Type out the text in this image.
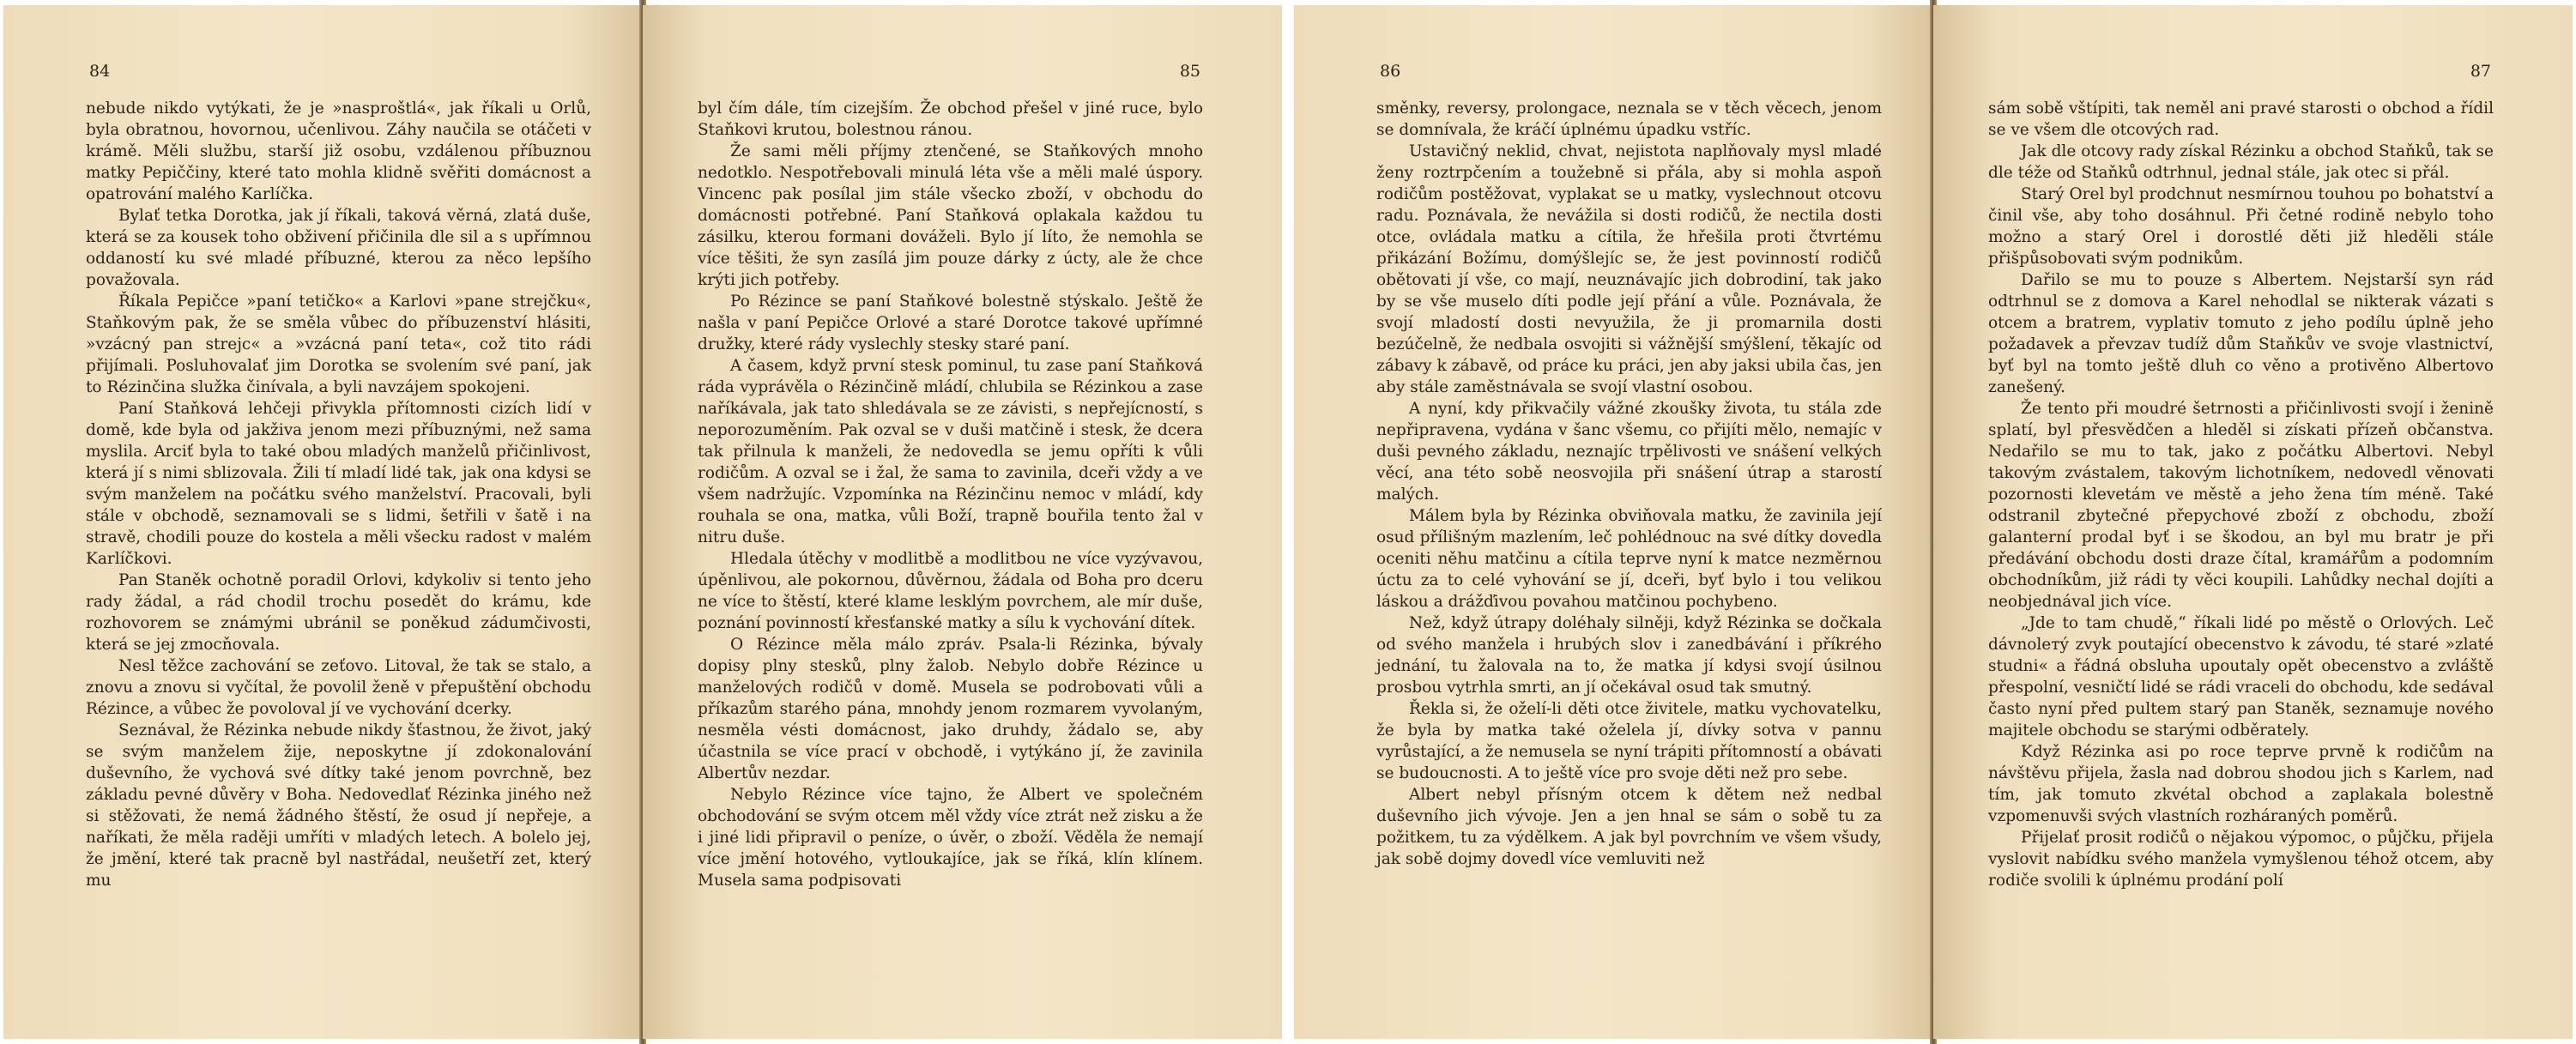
84

nebude nikdo vytýkati, že je »nasproštlá«, jak říkali u Orlů, byla obratnou, hovornou, učenlivou. Záhy naučila se otáčeti v krámě. Měli službu, starší již osobu, vzdálenou příbuznou matky Pepiččiny, které tato mohla klidně svěřiti domácnost a opatrování malého Karlíčka.

Bylať tetka Dorotka, jak jí říkali, taková věrná, zlatá duše, která se za kousek toho obživení přičinila dle sil a s upřímnou oddaností ku své mladé příbuzné, kterou za něco lepšího považovala.

Říkala Pepičce »paní tetičko« a Karlovi »pane strejčku«, Staňkovým pak, že se směla vůbec do příbuzenství hlásiti, »vzácný pan strejc« a »vzácná paní teta«, což tito rádi přijímali. Posluhovalať jim Dorotka se svolením své paní, jak to Rézinčina služka činívala, a byli navzájem spokojeni.

Paní Staňková lehčeji přivykla přítomnosti cizích lidí v domě, kde byla od jakživa jenom mezi příbuznými, než sama myslila. Arciť byla to také obou mladých manželů přičinlivost, která jí s nimi sblizovala. Žili tí mladí lidé tak, jak ona kdysi se svým manželem na počátku svého manželství. Pracovali, byli stále v obchodě, seznamovali se s lidmi, šetřili v šatě i na stravě, chodili pouze do kostela a měli všecku radost v malém Karlíčkovi.

Pan Staněk ochotně poradil Orlovi, kdykoliv si tento jeho rady žádal, a rád chodil trochu posedět do krámu, kde rozhovorem se známými ubránil se poněkud zádumčivosti, která se jej zmocňovala.

Nesl těžce zachování se zeťovo. Litoval, že tak se stalo, a znovu a znovu si vyčítal, že povolil ženě v přepuštění obchodu Rézince, a vůbec že povoloval jí ve vychování dcerky.

Seznával, že Rézinka nebude nikdy šťastnou, že život, jaký se svým manželem žije, neposkytne jí zdokonalování duševního, že vychová své dítky také jenom povrchně, bez základu pevné důvěry v Boha. Nedovedlať Rézinka jiného než si stěžovati, že nemá žádného štěstí, že osud jí nepřeje, a naříkati, že měla raději umříti v mladých letech. A bolelo jej, že jmění, které tak pracně byl nastřádal, neušetří zet, který mu

85

byl čím dále, tím cizejším. Že obchod přešel v jiné ruce, bylo Staňkovi krutou, bolestnou ránou.

Že sami měli příjmy ztenčené, se Staňkových mnoho nedotklo. Nespotřebovali minulá léta vše a měli malé úspory. Vincenc pak posílal jim stále všecko zboží, v obchodu do domácnosti potřebné. Paní Staňková oplakala každou tu zásilku, kterou formani dováželi. Bylo jí líto, že nemohla se více těšiti, že syn zasílá jim pouze dárky z úcty, ale že chce krýti jich potřeby.

Po Rézince se paní Staňkové bolestně stýskalo. Ještě že našla v paní Pepičce Orlové a staré Dorotce takové upřímné družky, které rády vyslechly stesky staré paní.

A časem, když první stesk pominul, tu zase paní Staňková ráda vyprávěla o Rézinčině mládí, chlubila se Rézinkou a zase naříkávala, jak tato shledávala se ze závisti, s nepřejícností, s neporozuměním. Pak ozval se v duši matčině i stesk, že dcera tak přilnula k manželi, že nedovedla se jemu opříti k vůli rodičům. A ozval se i žal, že sama to zavinila, dceři vždy a ve všem nadržujíc. Vzpomínka na Rézinčinu nemoc v mládí, kdy rouhala se ona, matka, vůli Boží, trapně bouřila tento žal v nitru duše.

Hledala útěchy v modlitbě a modlitbou ne více vyzývavou, úpěnlivou, ale pokornou, důvěrnou, žádala od Boha pro dceru ne více to štěstí, které klame lesklým povrchem, ale mír duše, poznání povinností křesťanské matky a sílu k vychování dítek.

O Rézince měla málo zpráv. Psala-li Rézinka, bývaly dopisy plny stesků, plny žalob. Nebylo dobře Rézince u manželových rodičů v domě. Musela se podrobovati vůli a příkazům starého pána, mnohdy jenom rozmarem vyvolaným, nesměla vésti domácnost, jako druhdy, žádalo se, aby účastnila se více prací v obchodě, i vytýkáno jí, že zavinila Albertův nezdar.

Nebylo Rézince více tajno, že Albert ve společném obchodování se svým otcem měl vždy více ztrát než zisku a že i jiné lidi připravil o peníze, o úvěr, o zboží. Věděla že nemají více jmění hotového, vytloukajíce, jak se říká, klín klínem. Musela sama podpisovati

86

směnky, reversy, prolongace, neznala se v těch věcech, jenom se domnívala, že kráčí úplnému úpadku vstříc.

Ustavičný neklid, chvat, nejistota naplňovaly mysl mladé ženy roztrpčením a toužebně si přála, aby si mohla aspoň rodičům postěžovat, vyplakat se u matky, vyslechnout otcovu radu. Poznávala, že nevážila si dosti rodičů, že nectila dosti otce, ovládala matku a cítila, že hřešila proti čtvrtému přikázání Božímu, domýšlejíc se, že jest povinností rodičů obětovati jí vše, co mají, neuznávajíc jich dobrodiní, tak jako by se vše muselo díti podle její přání a vůle. Poznávala, že svojí mladostí dosti nevyužila, že ji promarnila dosti bezúčelně, že nedbala osvojiti si vážnější smýšlení, těkajíc od zábavy k zábavě, od práce ku práci, jen aby jaksi ubila čas, jen aby stále zaměstnávala se svojí vlastní osobou.

A nyní, kdy přikvačily vážné zkoušky života, tu stála zde nepřipravena, vydána v šanc všemu, co přijíti mělo, nemajíc v duši pevného základu, neznajíc trpělivosti ve snášení velkých věcí, ana této sobě neosvojila při snášení útrap a starostí malých.

Málem byla by Rézinka obviňovala matku, že zavinila její osud přílišným mazlením, leč pohlédnouc na své dítky dovedla oceniti něhu matčinu a cítila teprve nyní k matce nezměrnou úctu za to celé vyhování se jí, dceři, byť bylo i tou velikou láskou a drážďivou povahou matčinou pochybeno.

Než, když útrapy doléhaly silněji, když Rézinka se dočkala od svého manžela i hrubých slov i zanedbávání i příkrého jednání, tu žalovala na to, že matka jí kdysi svojí úsilnou prosbou vytrhla smrti, an jí očekával osud tak smutný.

Řekla si, že oželí-li děti otce živitele, matku vychovatelku, že byla by matka také oželela jí, dívky sotva v pannu vyrůstající, a že nemusela se nyní trápiti přítomností a obávati se budoucnosti. A to ještě více pro svoje děti než pro sebe.

Albert nebyl přísným otcem k dětem než nedbal duševního jich vývoje. Jen a jen hnal se sám o sobě tu za požitkem, tu za výdělkem. A jak byl povrchním ve všem všudy, jak sobě dojmy dovedl více vemluviti než

87

sám sobě vštípiti, tak neměl ani pravé starosti o obchod a řídil se ve všem dle otcových rad.

Jak dle otcovy rady získal Rézinku a obchod Staňků, tak se dle téže od Staňků odtrhnul, jednal stále, jak otec si přál.

Starý Orel byl prodchnut nesmírnou touhou po bohatství a činil vše, aby toho dosáhnul. Při četné rodině nebylo toho možno a starý Orel i dorostlé děti již hleděli stále přišpůsobovati svým podnikům.

Dařilo se mu to pouze s Albertem. Nejstarší syn rád odtrhnul se z domova a Karel nehodlal se nikterak vázati s otcem a bratrem, vyplativ tomuto z jeho podílu úplně jeho požadavek a převzav tudíž dům Staňkův ve svoje vlastnictví, byť byl na tomto ještě dluh co věno a protivěno Albertovo zanešený.

Že tento při moudré šetrnosti a přičinlivosti svojí i ženině splatí, byl přesvědčen a hleděl si získati přízeň občanstva. Nedařilo se mu to tak, jako z počátku Albertovi. Nebyl takovým zvástalem, takovým lichotníkem, nedovedl věnovati pozornosti klevetám ve městě a jeho žena tím méně. Také odstranil zbytečné přepychové zboží z obchodu, zboží galanterní prodal byť i se škodou, an byl mu bratr je při předávání obchodu dosti draze čítal, kramářům a podomním obchodníkům, již rádi ty věci koupili. Lahůdky nechal dojíti a neobjednával jich více.

„Jde to tam chudě,“ říkali lidé po městě o Orlových. Leč dávnolетý zvyk poutající obecenstvo k závodu, té staré »zlaté studni« a řádná obsluha upoutaly opět obecenstvo a zvláště přespolní, vesničtí lidé se rádi vraceli do obchodu, kde sedával často nyní před pultem starý pan Staněk, seznamuje nového majitele obchodu se starými odběrately.

Když Rézinka asi po roce teprve prvně k rodičům na návštěvu přijela, žasla nad dobrou shodou jich s Karlem, nad tím, jak tomuto zkvétal obchod a zaplakala bolestně vzpomenuvši svých vlastních rozháraných poměrů.

Přijelať prosit rodičů o nějakou výpomoc, o půjčku, přijela vyslovit nabídku svého manžela vymyšlenou téhož otcem, aby rodiče svolili k úplnému prodání polí
